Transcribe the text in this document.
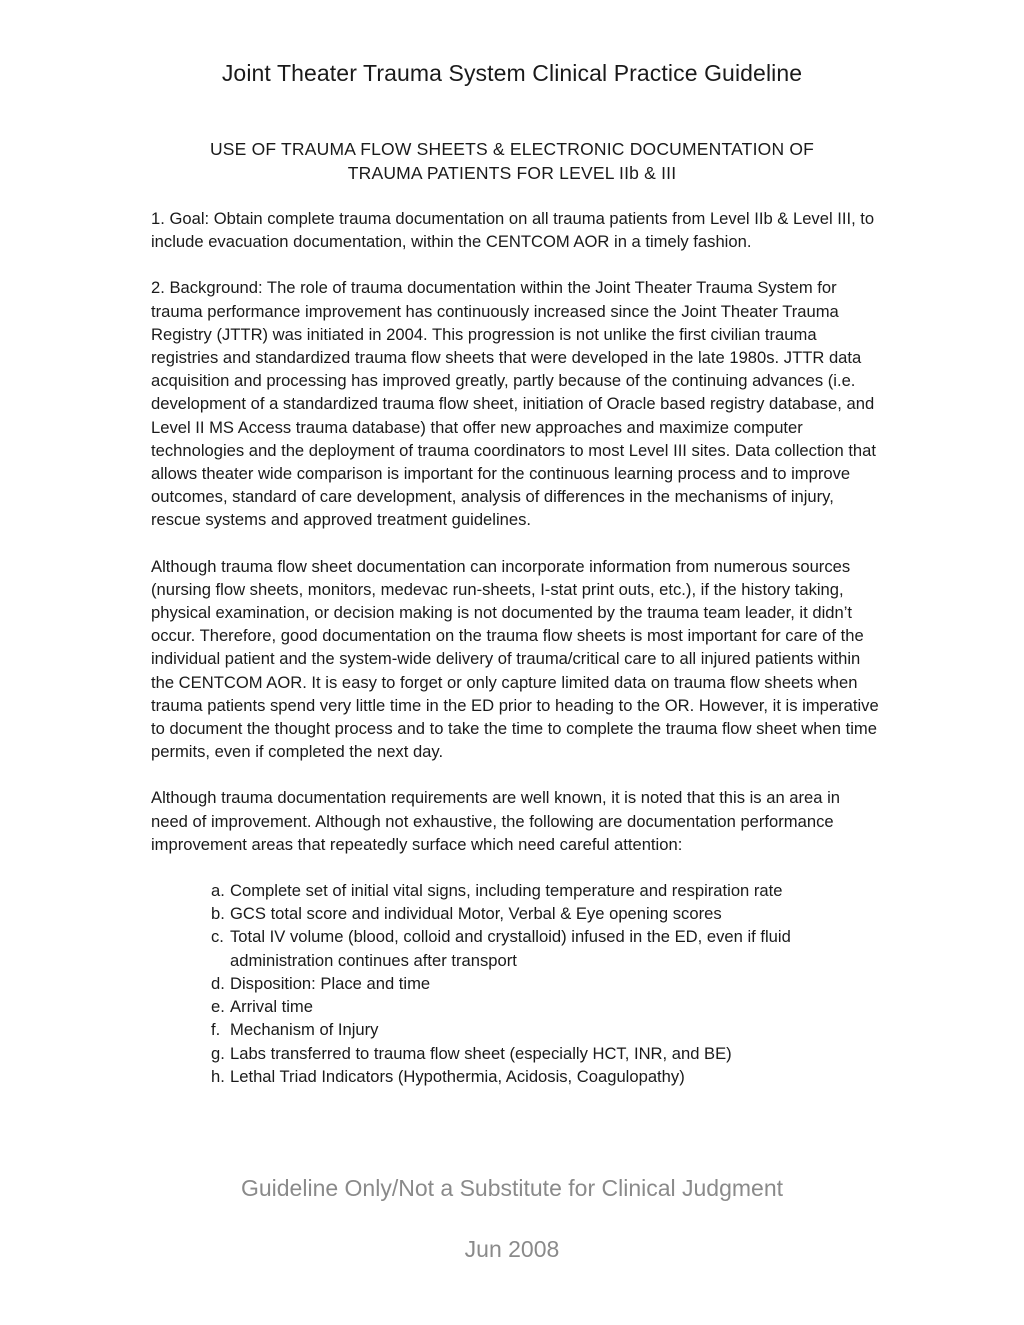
Joint Theater Trauma System Clinical Practice Guideline
USE OF TRAUMA FLOW SHEETS & ELECTRONIC DOCUMENTATION OF
TRAUMA PATIENTS FOR LEVEL IIb & III

1. Goal: Obtain complete trauma documentation on all trauma patients from Level IIb & Level III, to include evacuation documentation, within the CENTCOM AOR in a timely fashion.

2. Background: The role of trauma documentation within the Joint Theater Trauma System for trauma performance improvement has continuously increased since the Joint Theater Trauma Registry (JTTR) was initiated in 2004. This progression is not unlike the first civilian trauma registries and standardized trauma flow sheets that were developed in the late 1980s. JTTR data acquisition and processing has improved greatly, partly because of the continuing advances (i.e. development of a standardized trauma flow sheet, initiation of Oracle based registry database, and Level II MS Access trauma database) that offer new approaches and maximize computer technologies and the deployment of trauma coordinators to most Level III sites. Data collection that allows theater wide comparison is important for the continuous learning process and to improve outcomes, standard of care development, analysis of differences in the mechanisms of injury, rescue systems and approved treatment guidelines.

Although trauma flow sheet documentation can incorporate information from numerous sources (nursing flow sheets, monitors, medevac run-sheets, I-stat print outs, etc.), if the history taking, physical examination, or decision making is not documented by the trauma team leader, it didn’t occur. Therefore, good documentation on the trauma flow sheets is most important for care of the individual patient and the system-wide delivery of trauma/critical care to all injured patients within the CENTCOM AOR. It is easy to forget or only capture limited data on trauma flow sheets when trauma patients spend very little time in the ED prior to heading to the OR. However, it is imperative to document the thought process and to take the time to complete the trauma flow sheet when time permits, even if completed the next day.

Although trauma documentation requirements are well known, it is noted that this is an area in need of improvement. Although not exhaustive, the following are documentation performance improvement areas that repeatedly surface which need careful attention:

a. Complete set of initial vital signs, including temperature and respiration rate
b. GCS total score and individual Motor, Verbal & Eye opening scores
c. Total IV volume (blood, colloid and crystalloid) infused in the ED, even if fluid administration continues after transport
d. Disposition: Place and time
e. Arrival time
f. Mechanism of Injury
g. Labs transferred to trauma flow sheet (especially HCT, INR, and BE)
h. Lethal Triad Indicators (Hypothermia, Acidosis, Coagulopathy)
Guideline Only/Not a Substitute for Clinical Judgment
Jun 2008
